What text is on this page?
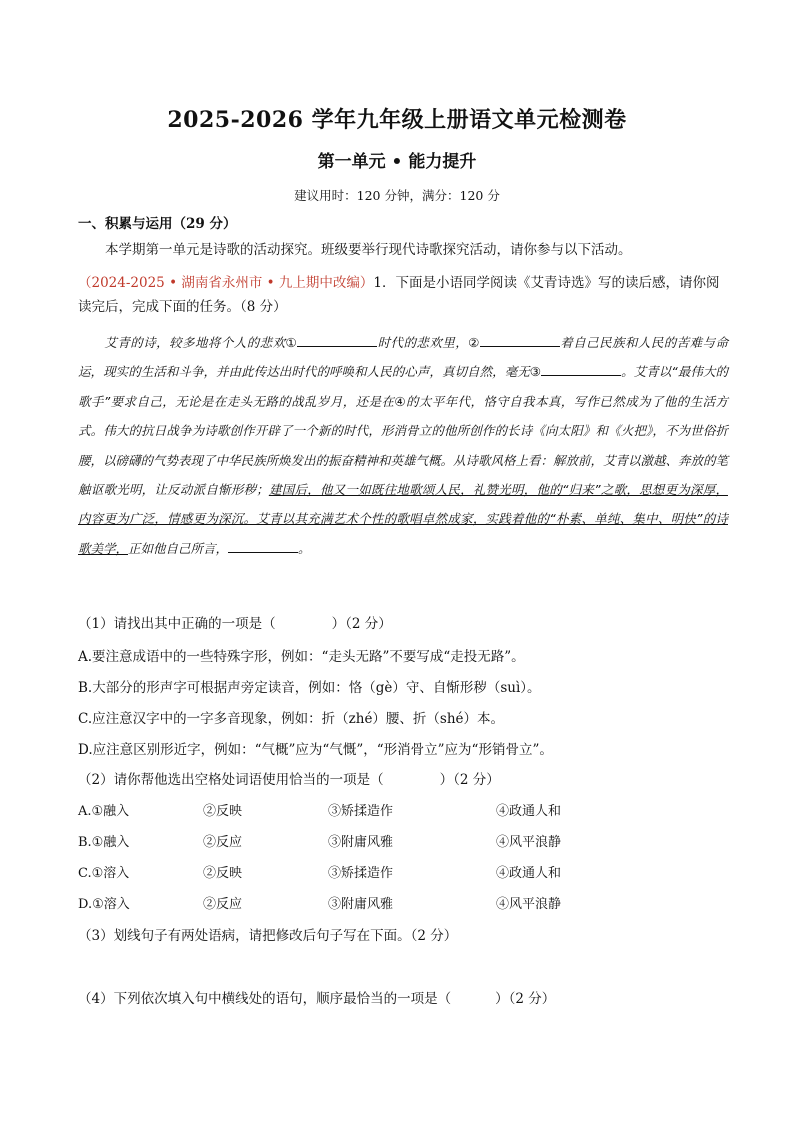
2025-2026 学年九年级上册语文单元检测卷
第一单元 • 能力提升
建议用时：120 分钟，满分：120 分
一、积累与运用（29 分）
本学期第一单元是诗歌的活动探究。班级要举行现代诗歌探究活动，请你参与以下活动。
（2024-2025 • 湖南省永州市 • 九上期中改编）1．下面是小语同学阅读《艾青诗选》写的读后感，请你阅读完后，完成下面的任务。（8 分）
艾青的诗，较多地将个人的悲欢①	时代的悲欢里，②	着自己民族和人民的苦难与命运，现实的生活和斗争，并由此传达出时代的呼唤和人民的心声，真切自然，毫无③	。艾青以“最伟大的歌手”要求自己，无论是在走头无路的战乱岁月，还是在④的太平年代，恪守自我本真，写作已然成为了他的生活方式。伟大的抗日战争为诗歌创作开辟了一个新的时代，形消骨立的他所创作的长诗《向太阳》和《火把》，不为世俗折腰，以磅礴的气势表现了中华民族所焕发出的振奋精神和英雄气概。从诗歌风格上看：解放前，艾青以激越、奔放的笔触讴歌光明，让反动派自惭形秽；建国后，他又一如既往地歌颂人民，礼赞光明，他的“归来”之歌，思想更为深厚，内容更为广泛，情感更为深沉。艾青以其充满艺术个性的歌唱卓然成家，实践着他的“朴素、单纯、集中、明快”的诗歌美学，正如他自己所言，	。
（1）请找出其中正确的一项是（	）（2 分）
A.要注意成语中的一些特殊字形，例如：“走头无路”不要写成“走投无路”。
B.大部分的形声字可根据声旁定读音，例如：恪（gè）守、自惭形秽（suì）。
C.应注意汉字中的一字多音现象，例如：折（zhé）腰、折（shé）本。
D.应注意区别形近字，例如：“气概”应为“气慨”，“形消骨立”应为“形销骨立”。
（2）请你帮他选出空格处词语使用恰当的一项是（	）（2 分）
A.①融入	②反映	③矫揉造作	④政通人和
B.①融入	②反应	③附庸风雅	④风平浪静
C.①溶入	②反映	③矫揉造作	④政通人和
D.①溶入	②反应	③附庸风雅	④风平浪静
（3）划线句子有两处语病，请把修改后句子写在下面。（2 分）
（4）下列依次填入句中横线处的语句，顺序最恰当的一项是（	）（2 分）
